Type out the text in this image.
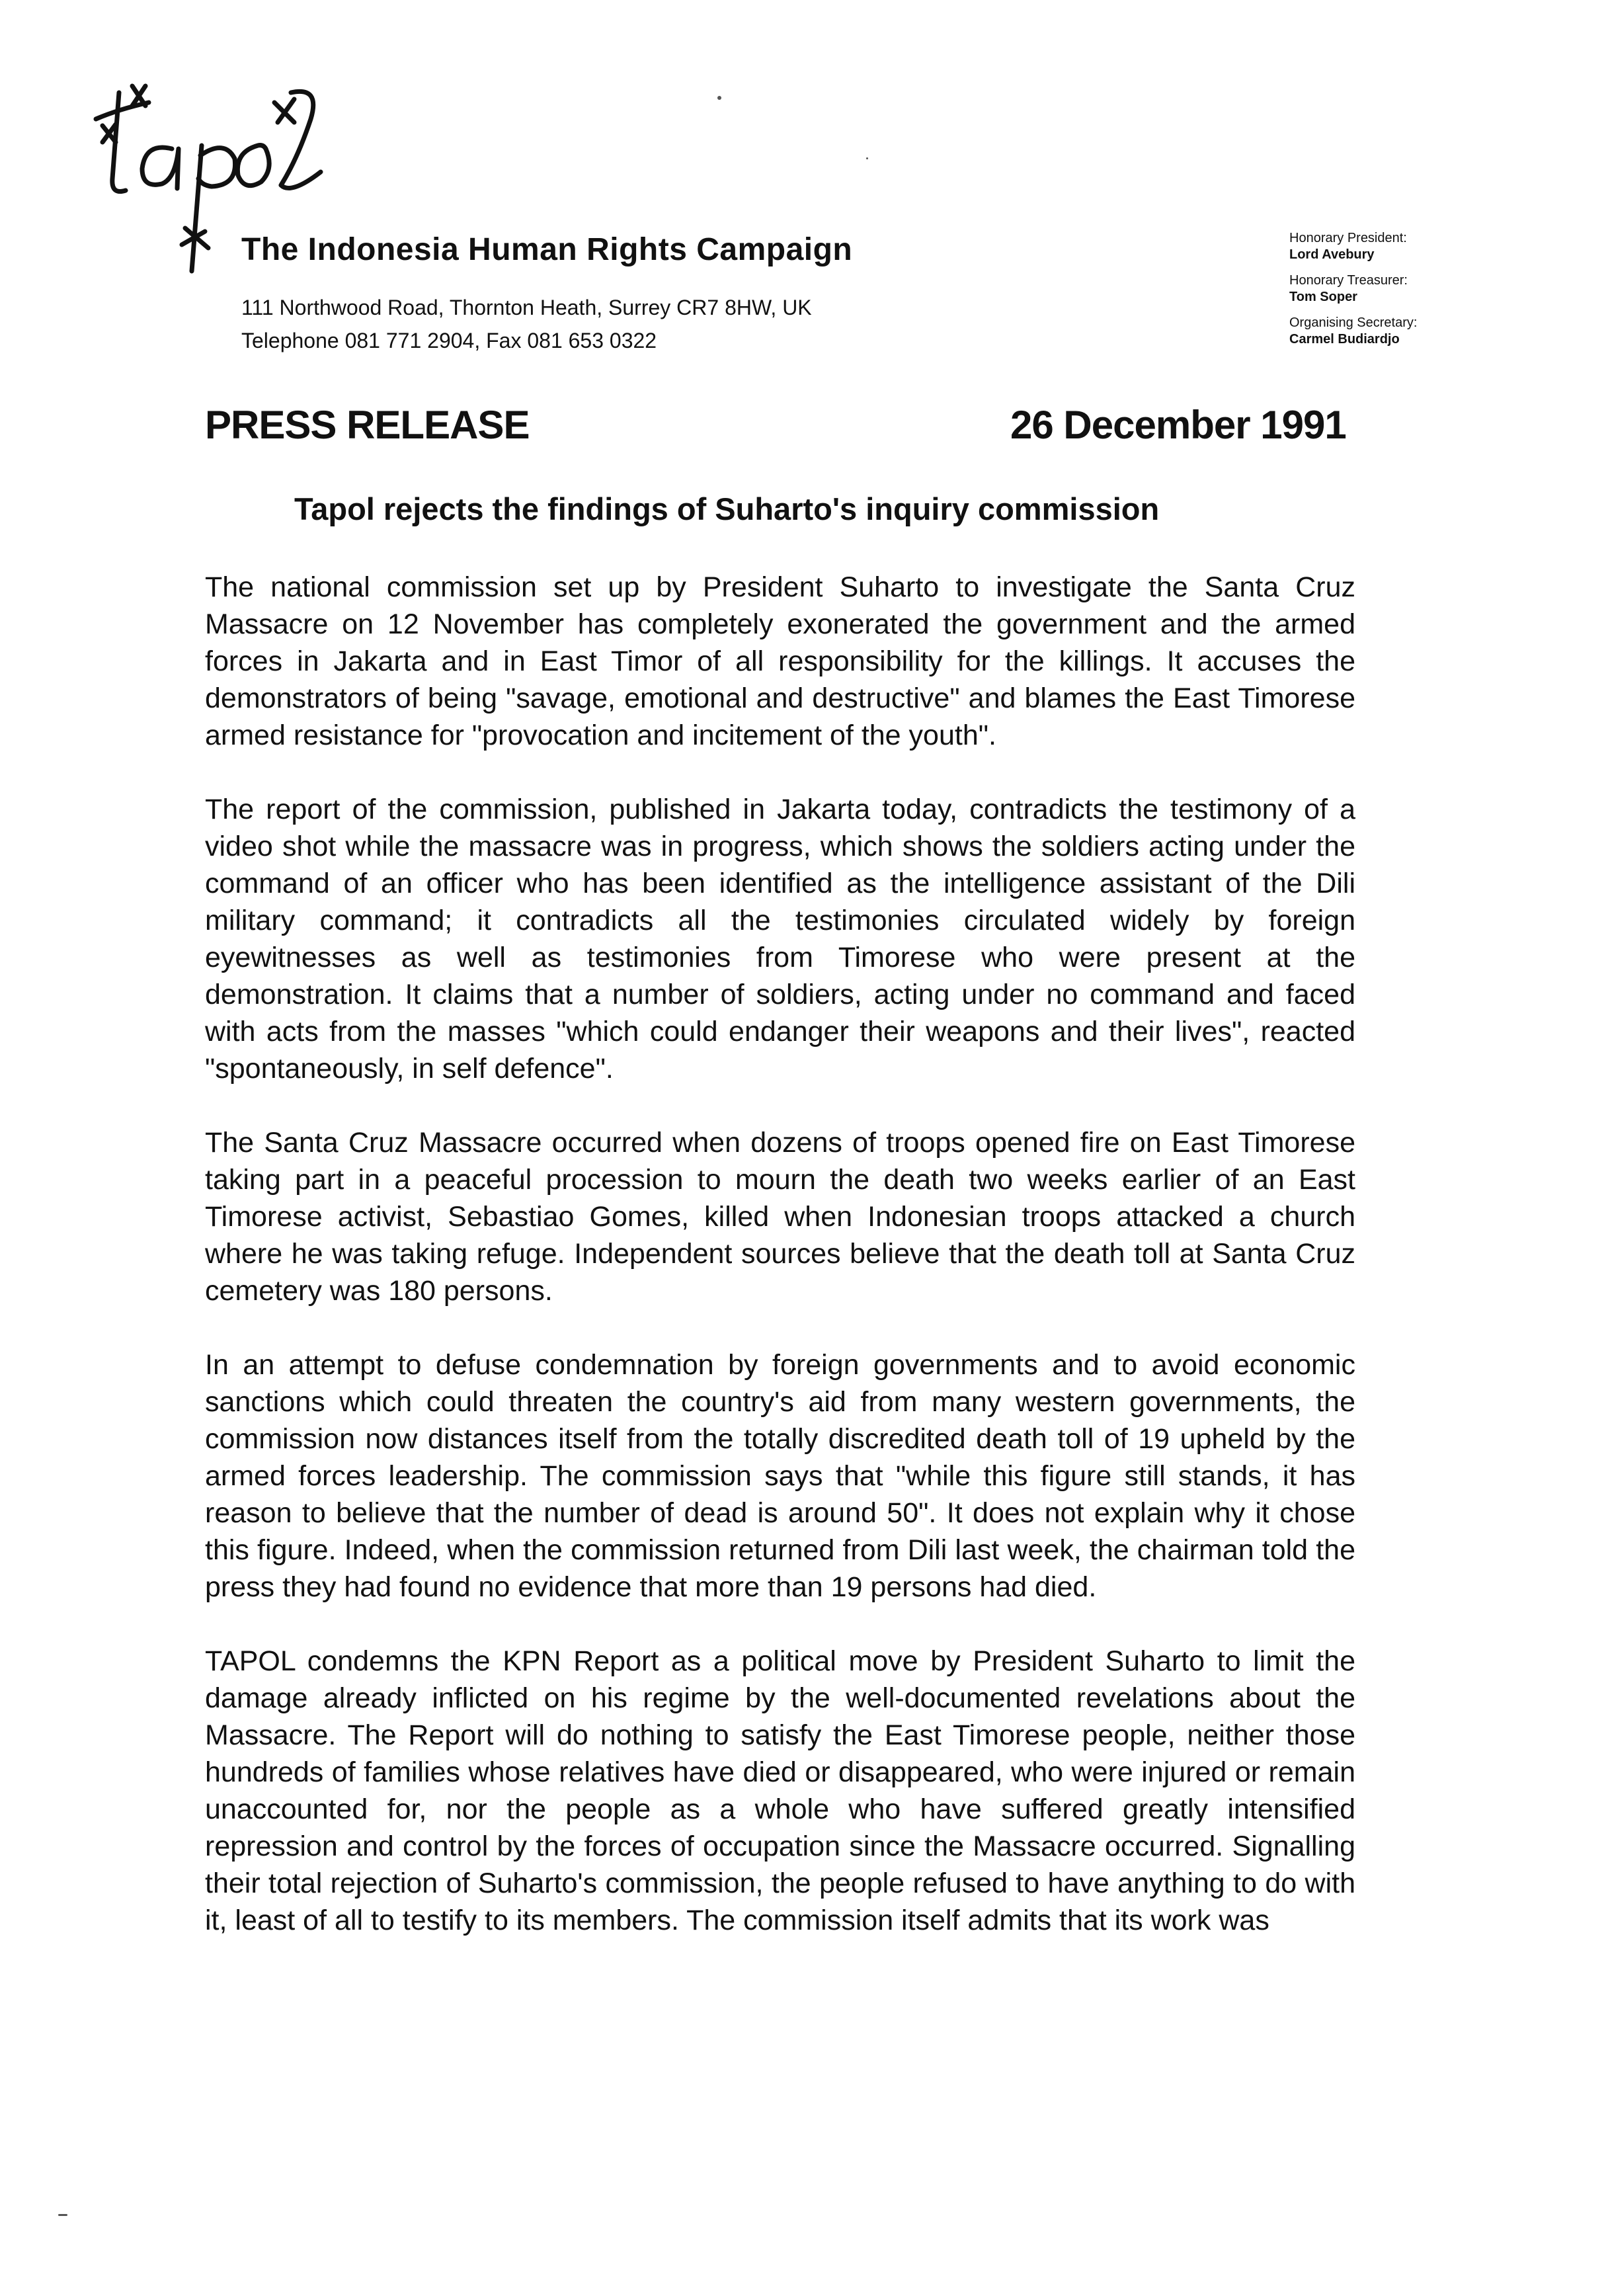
The Indonesia Human Rights Campaign
111 Northwood Road, Thornton Heath, Surrey CR7 8HW, UK
Telephone 081 771 2904, Fax 081 653 0322
Honorary President:
Lord Avebury
Honorary Treasurer:
Tom Soper
Organising Secretary:
Carmel Budiardjo
PRESS RELEASE	26 December 1991
Tapol rejects the findings of Suharto's inquiry commission

The national commission set up by President Suharto to investigate the Santa Cruz Massacre on 12 November has completely exonerated the government and the armed forces in Jakarta and in East Timor of all responsibility for the killings. It accuses the demonstrators of being "savage, emotional and destructive" and blames the East Timorese armed resistance for "provocation and incitement of the youth".

The report of the commission, published in Jakarta today, contradicts the testimony of a video shot while the massacre was in progress, which shows the soldiers acting under the command of an officer who has been identified as the intelligence assistant of the Dili military command; it contradicts all the testimonies circulated widely by foreign eyewitnesses as well as testimonies from Timorese who were present at the demonstration. It claims that a number of soldiers, acting under no command and faced with acts from the masses "which could endanger their weapons and their lives", reacted "spontaneously, in self defence".

The Santa Cruz Massacre occurred when dozens of troops opened fire on East Timorese taking part in a peaceful procession to mourn the death two weeks earlier of an East Timorese activist, Sebastiao Gomes, killed when Indonesian troops attacked a church where he was taking refuge. Independent sources believe that the death toll at Santa Cruz cemetery was 180 persons.

In an attempt to defuse condemnation by foreign governments and to avoid economic sanctions which could threaten the country's aid from many western governments, the commission now distances itself from the totally discredited death toll of 19 upheld by the armed forces leadership. The commission says that "while this figure still stands, it has reason to believe that the number of dead is around 50". It does not explain why it chose this figure. Indeed, when the commission returned from Dili last week, the chairman told the press they had found no evidence that more than 19 persons had died.

TAPOL condemns the KPN Report as a political move by President Suharto to limit the damage already inflicted on his regime by the well-documented revelations about the Massacre. The Report will do nothing to satisfy the East Timorese people, neither those hundreds of families whose relatives have died or disappeared, who were injured or remain unaccounted for, nor the people as a whole who have suffered greatly intensified repression and control by the forces of occupation since the Massacre occurred. Signalling their total rejection of Suharto's commission, the people refused to have anything to do with it, least of all to testify to its members. The commission itself admits that its work was
